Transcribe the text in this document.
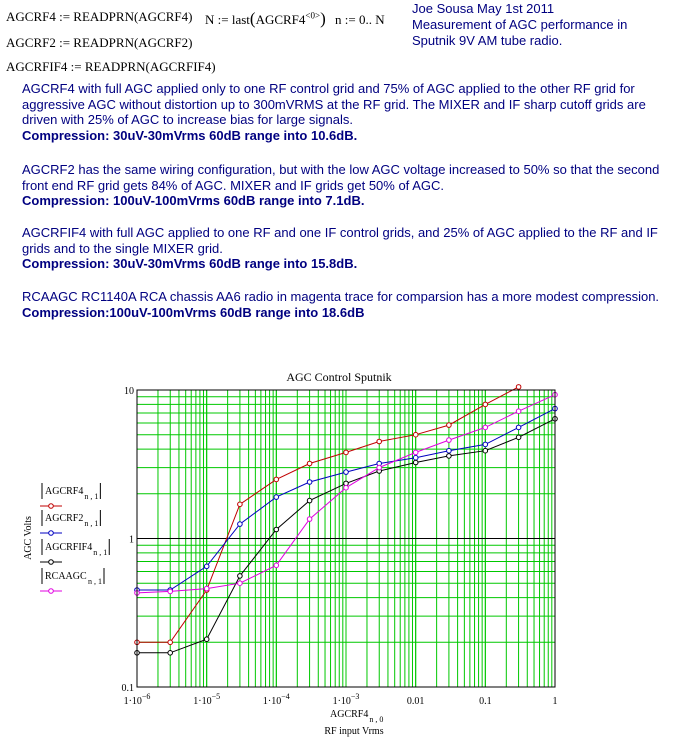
AGCRF4 := READPRN(AGCRF4) N := $last(AGCRF4^{<0>})$ n := 0.. N
AGCRF2 := READPRN(AGCRF2)
AGCRFIF4 := READPRN(AGCRFIF4)
Joe Sousa May 1st 2011
Measurement of AGC performance in
Sputnik 9V AM tube radio.
AGCRF4 with full AGC applied only to one RF control grid and 75% of AGC applied to the other RF grid for
aggressive AGC without distortion up to 300mVRMS at the RF grid. The MIXER and IF sharp cutoff grids are
driven with 25% of AGC to increase bias for large signals.
Compression: 30uV-30mVrms 60dB range into 10.6dB.
AGCRF2 has the same wiring configuration, but with the low AGC voltage increased to 50% so that the second
front end RF grid gets 84% of AGC. MIXER and IF grids get 50% of AGC.
Compression: 100uV-100mVrms 60dB range into 7.1dB.
AGCRFIF4 with full AGC applied to one RF and one IF control grids, and 25% of AGC applied to the RF and IF
grids and to the single MIXER grid.
Compression: 30uV-30mVrms 60dB range into 15.8dB.
RCAAGC RC1140A RCA chassis AA6 radio in magenta trace for comparsion has a more modest compression.
Compression:100uV-100mVrms 60dB range into 18.6dB
$1\cdot 10^{-6}$	$1\cdot 10^{-5}$	$1\cdot 10^{-4}$	$1\cdot 10^{-3}$	0.01	0.1	1
10
1
0.1
AGC Control Sputnik
AGC Volts
AGCRF4 n , 1
AGCRF2 n , 1
AGCRFIF4 n , 1
RCAAGC n , 1
AGCRF4 n , 0
RF input Vrms
